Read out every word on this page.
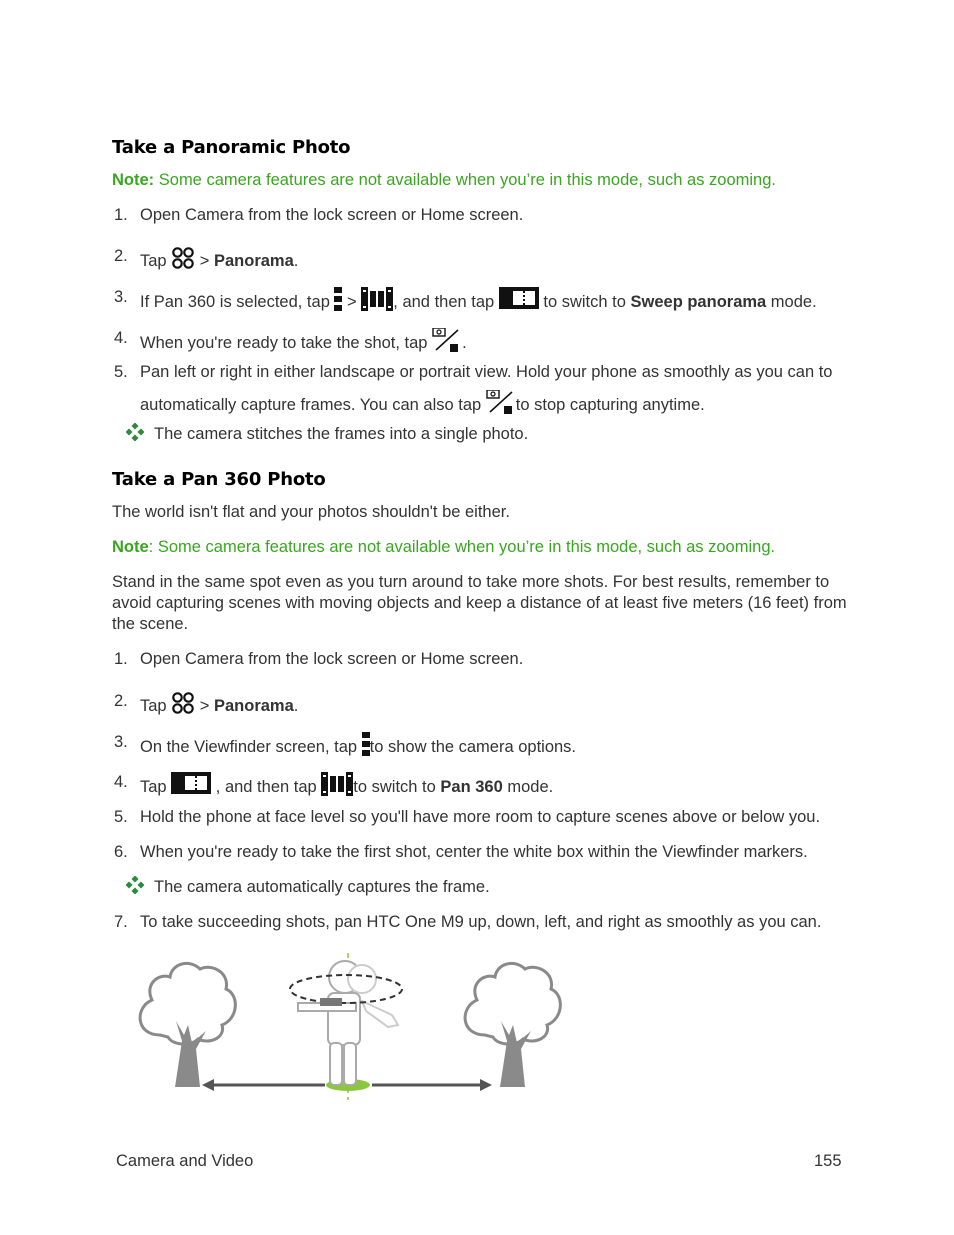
Take a Panoramic Photo
Note: Some camera features are not available when you’re in this mode, such as zooming.
1. Open Camera from the lock screen or Home screen.
2. Tap  > Panorama.
3. If Pan 360 is selected, tap  > , and then tap  to switch to Sweep panorama mode.
4. When you're ready to take the shot, tap .
5. Pan left or right in either landscape or portrait view. Hold your phone as smoothly as you can to
automatically capture frames. You can also tap to stop capturing anytime.
The camera stitches the frames into a single photo.
Take a Pan 360 Photo
The world isn't flat and your photos shouldn't be either.
Note: Some camera features are not available when you’re in this mode, such as zooming.
Stand in the same spot even as you turn around to take more shots. For best results, remember to
avoid capturing scenes with moving objects and keep a distance of at least five meters (16 feet) from
the scene.
1. Open Camera from the lock screen or Home screen.
2. Tap  > Panorama.
3. On the Viewfinder screen, tap to show the camera options.
4. Tap  , and then tap to switch to Pan 360 mode.
5. Hold the phone at face level so you'll have more room to capture scenes above or below you.
6. When you're ready to take the first shot, center the white box within the Viewfinder markers.
The camera automatically captures the frame.
7. To take succeeding shots, pan HTC One M9 up, down, left, and right as smoothly as you can.
Camera and Video	155
